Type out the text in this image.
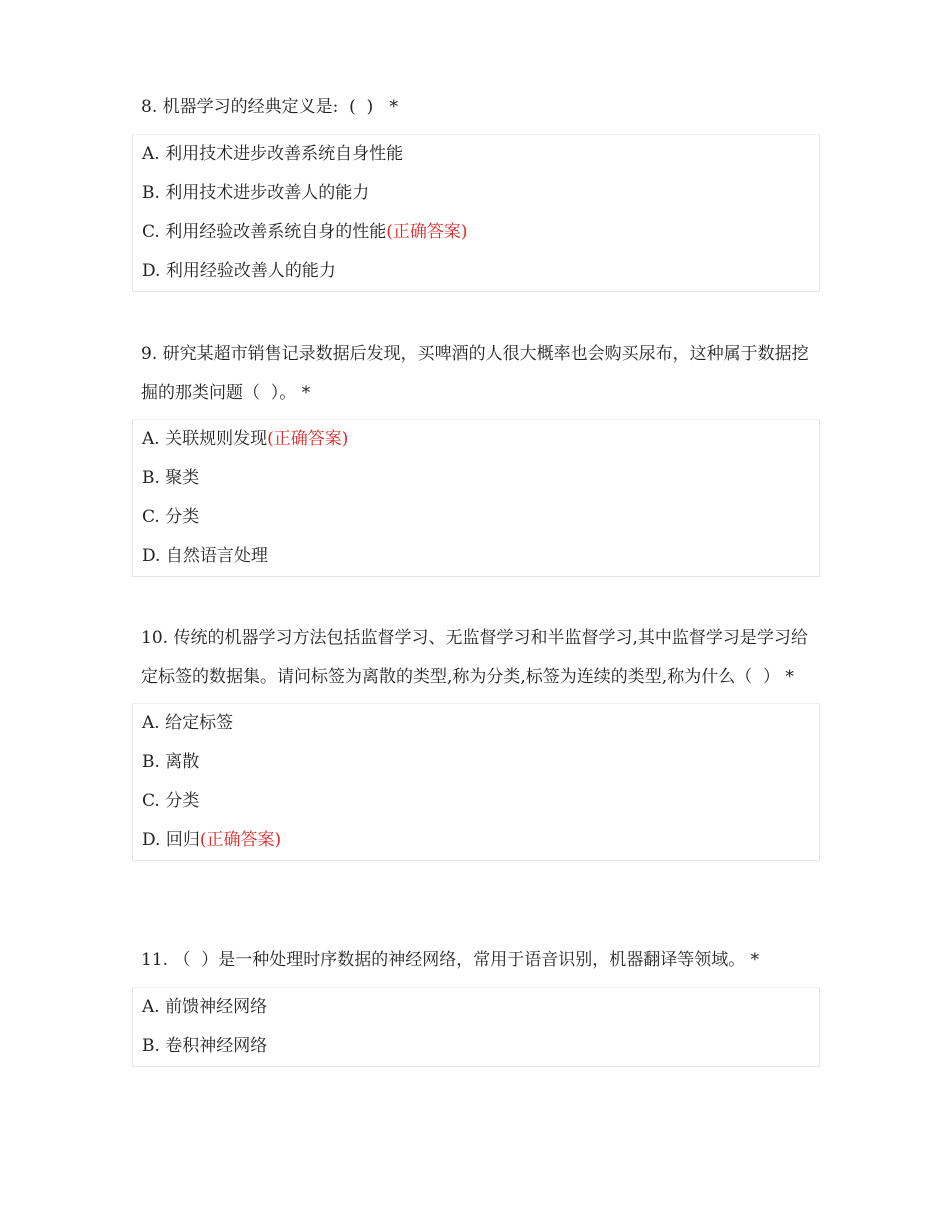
8. 机器学习的经典定义是:  (  )   *

A. 利用技术进步改善系统自身性能
B. 利用技术进步改善人的能力
C. 利用经验改善系统自身的性能(正确答案)
D. 利用经验改善人的能力

9. 研究某超市销售记录数据后发现，买啤酒的人很大概率也会购买尿布，这种属于数据挖掘的那类问题（  ）。 *

A. 关联规则发现(正确答案)
B. 聚类
C. 分类
D. 自然语言处理

10. 传统的机器学习方法包括监督学习、无监督学习和半监督学习,其中监督学习是学习给定标签的数据集。请问标签为离散的类型,称为分类,标签为连续的类型,称为什么（  ） *

A. 给定标签
B. 离散
C. 分类
D. 回归(正确答案)

11. （  ）是一种处理时序数据的神经网络，常用于语音识别，机器翻译等领域。 *

A. 前馈神经网络
B. 卷积神经网络
